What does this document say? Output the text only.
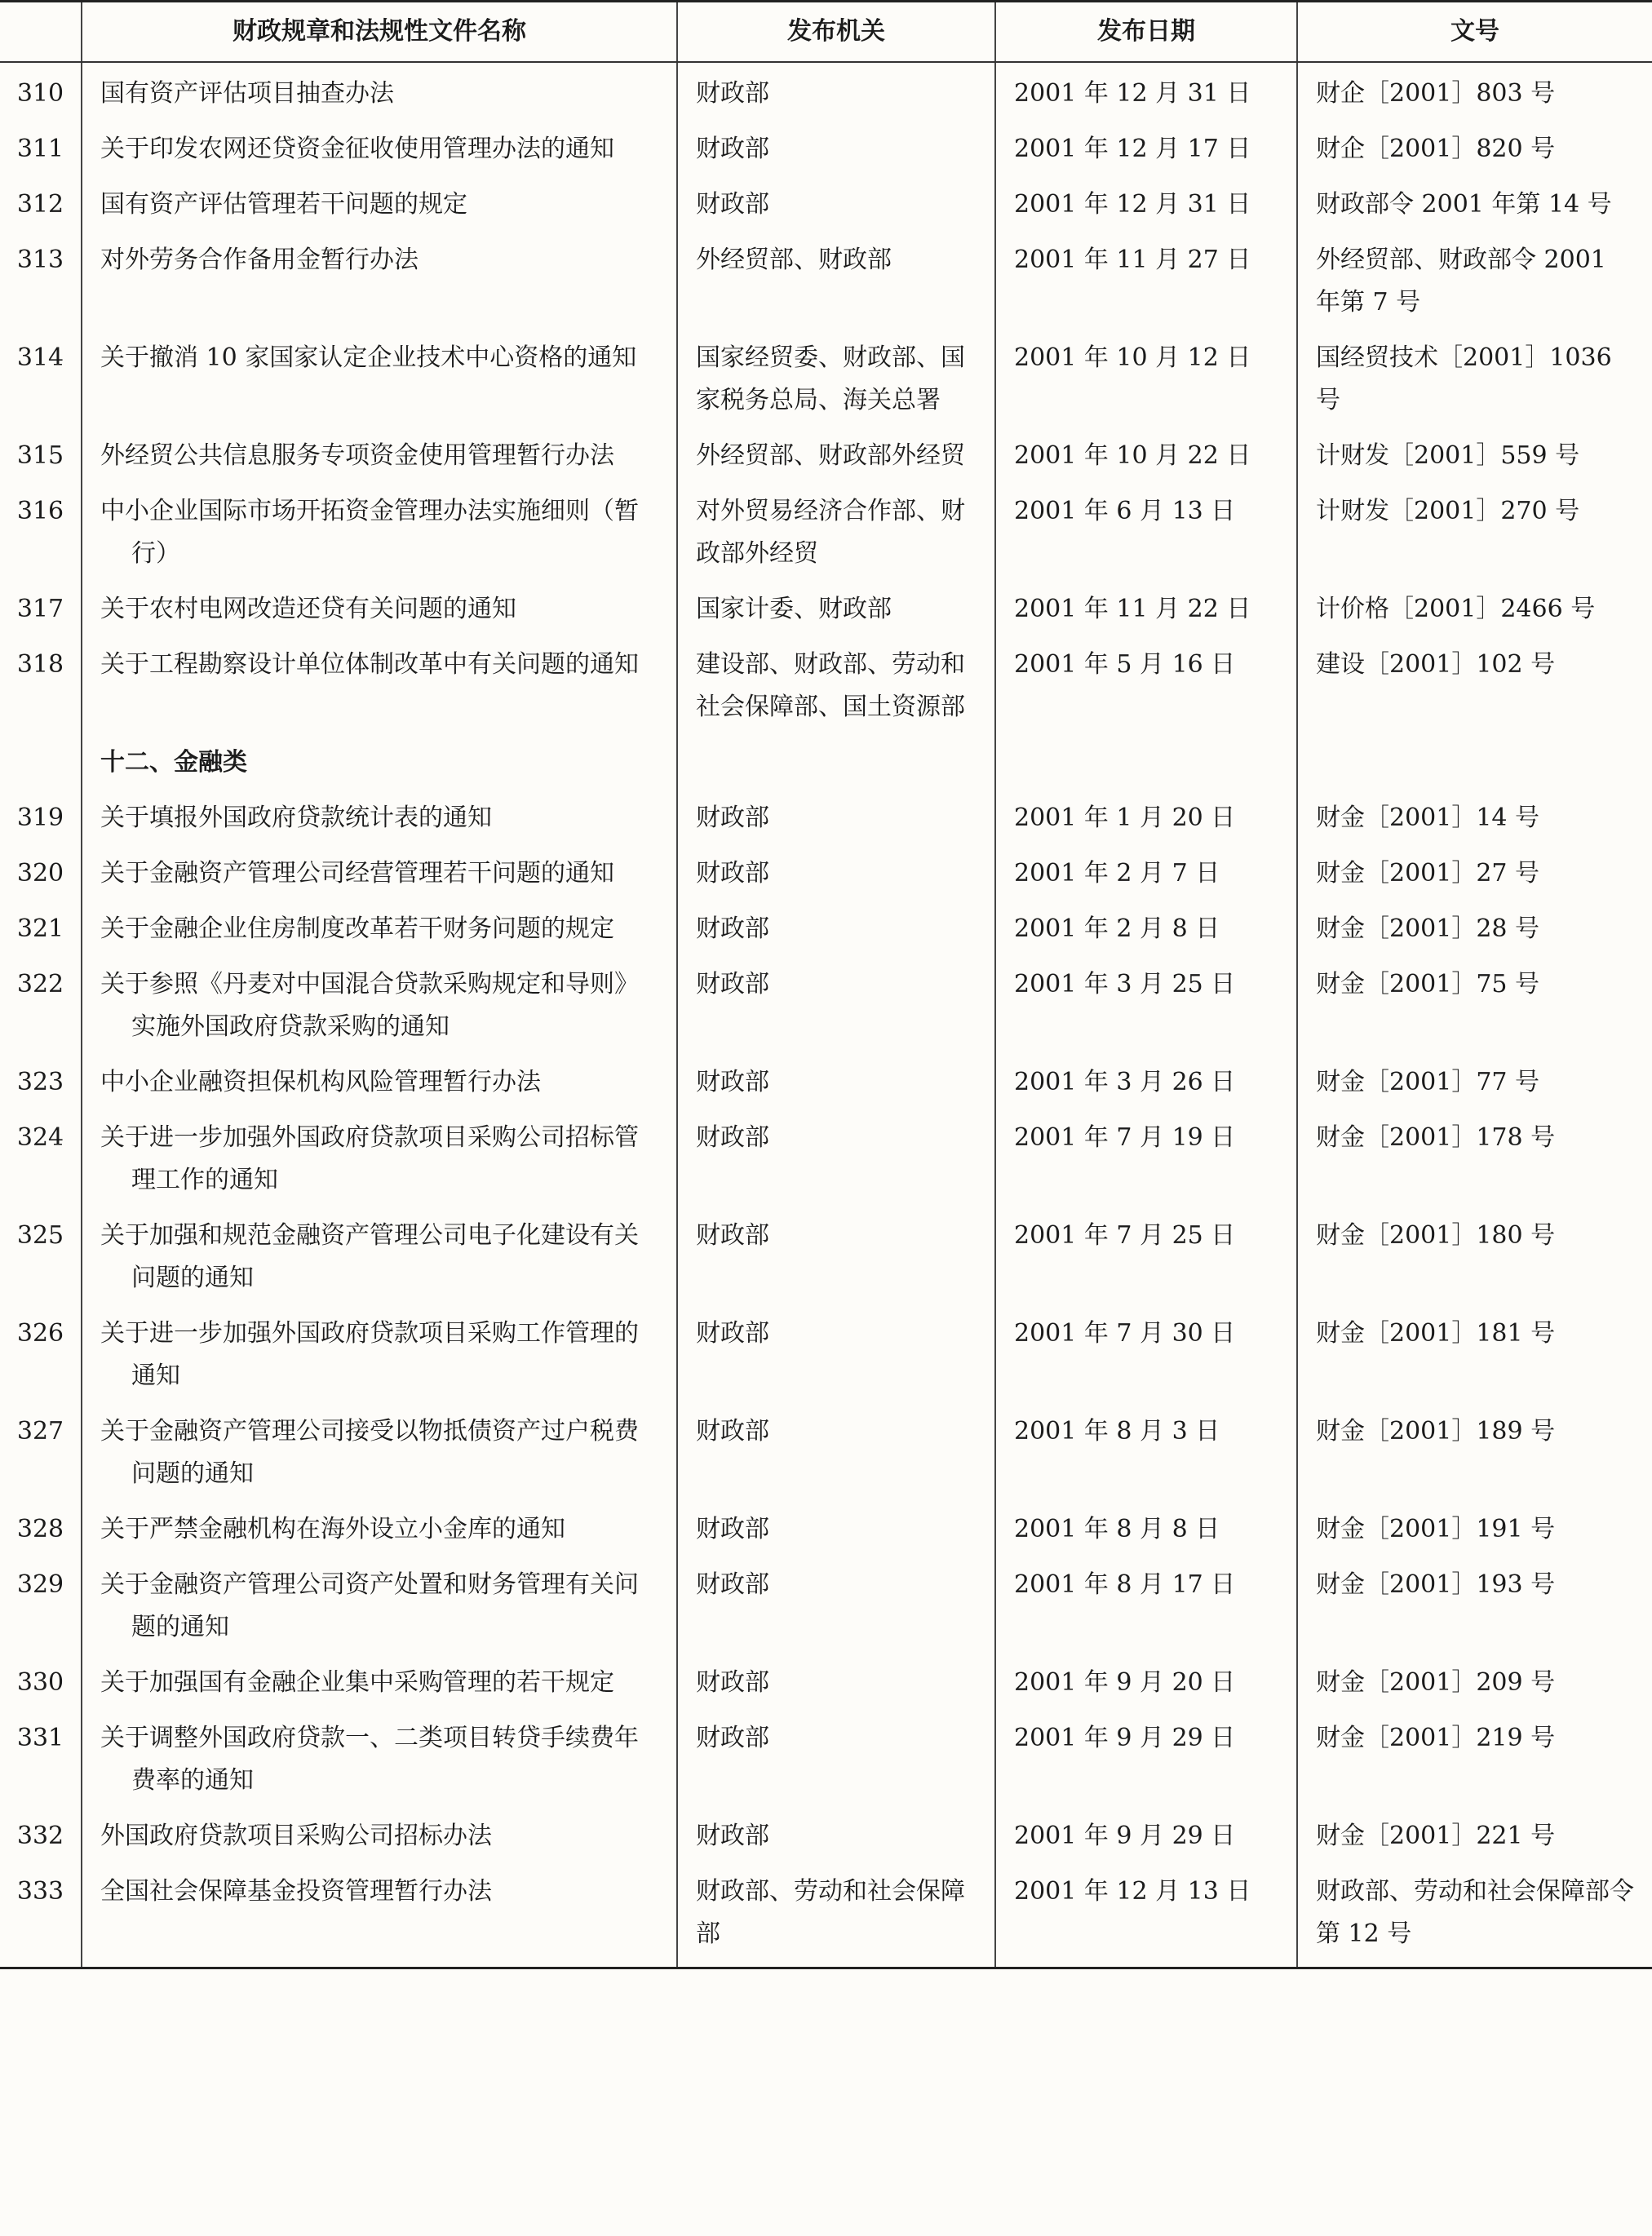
	财政规章和法规性文件名称	发布机关	发布日期	文号
310	国有资产评估项目抽查办法	财政部	2001 年 12 月 31 日	财企［2001］803 号
311	关于印发农网还贷资金征收使用管理办法的通知	财政部	2001 年 12 月 17 日	财企［2001］820 号
312	国有资产评估管理若干问题的规定	财政部	2001 年 12 月 31 日	财政部令 2001 年第 14 号
313	对外劳务合作备用金暂行办法	外经贸部、财政部	2001 年 11 月 27 日	外经贸部、财政部令 2001 年第 7 号
314	关于撤消 10 家国家认定企业技术中心资格的通知	国家经贸委、财政部、国家税务总局、海关总署	2001 年 10 月 12 日	国经贸技术［2001］1036 号
315	外经贸公共信息服务专项资金使用管理暂行办法	外经贸部、财政部外经贸	2001 年 10 月 22 日	计财发［2001］559 号
316	中小企业国际市场开拓资金管理办法实施细则（暂行）	对外贸易经济合作部、财政部外经贸	2001 年 6 月 13 日	计财发［2001］270 号
317	关于农村电网改造还贷有关问题的通知	国家计委、财政部	2001 年 11 月 22 日	计价格［2001］2466 号
318	关于工程勘察设计单位体制改革中有关问题的通知	建设部、财政部、劳动和社会保障部、国土资源部	2001 年 5 月 16 日	建设［2001］102 号
	十二、金融类			
319	关于填报外国政府贷款统计表的通知	财政部	2001 年 1 月 20 日	财金［2001］14 号
320	关于金融资产管理公司经营管理若干问题的通知	财政部	2001 年 2 月 7 日	财金［2001］27 号
321	关于金融企业住房制度改革若干财务问题的规定	财政部	2001 年 2 月 8 日	财金［2001］28 号
322	关于参照《丹麦对中国混合贷款采购规定和导则》实施外国政府贷款采购的通知	财政部	2001 年 3 月 25 日	财金［2001］75 号
323	中小企业融资担保机构风险管理暂行办法	财政部	2001 年 3 月 26 日	财金［2001］77 号
324	关于进一步加强外国政府贷款项目采购公司招标管理工作的通知	财政部	2001 年 7 月 19 日	财金［2001］178 号
325	关于加强和规范金融资产管理公司电子化建设有关问题的通知	财政部	2001 年 7 月 25 日	财金［2001］180 号
326	关于进一步加强外国政府贷款项目采购工作管理的通知	财政部	2001 年 7 月 30 日	财金［2001］181 号
327	关于金融资产管理公司接受以物抵债资产过户税费问题的通知	财政部	2001 年 8 月 3 日	财金［2001］189 号
328	关于严禁金融机构在海外设立小金库的通知	财政部	2001 年 8 月 8 日	财金［2001］191 号
329	关于金融资产管理公司资产处置和财务管理有关问题的通知	财政部	2001 年 8 月 17 日	财金［2001］193 号
330	关于加强国有金融企业集中采购管理的若干规定	财政部	2001 年 9 月 20 日	财金［2001］209 号
331	关于调整外国政府贷款一、二类项目转贷手续费年费率的通知	财政部	2001 年 9 月 29 日	财金［2001］219 号
332	外国政府贷款项目采购公司招标办法	财政部	2001 年 9 月 29 日	财金［2001］221 号
333	全国社会保障基金投资管理暂行办法	财政部、劳动和社会保障部	2001 年 12 月 13 日	财政部、劳动和社会保障部令第 12 号
